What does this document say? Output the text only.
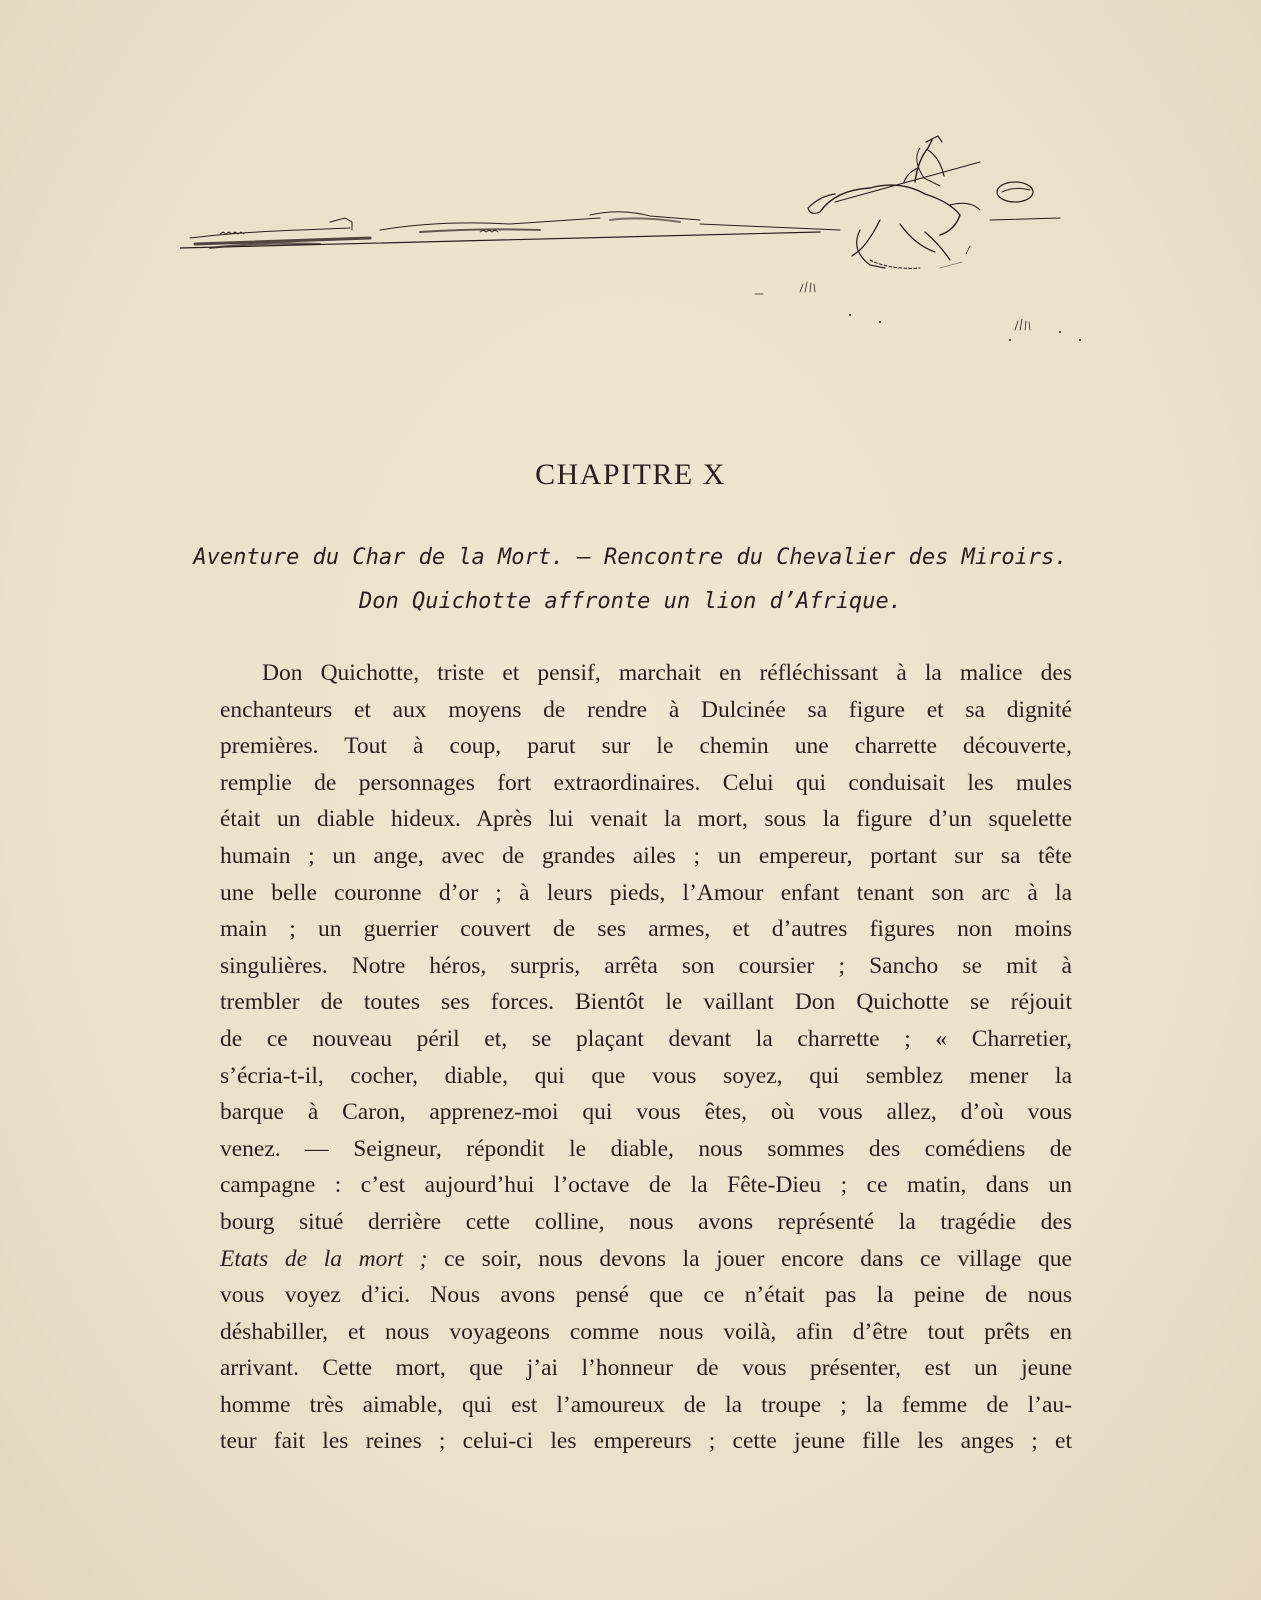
CHAPITRE X
Aventure du Char de la Mort. — Rencontre du Chevalier des Miroirs.
Don Quichotte affronte un lion d’Afrique.
Don Quichotte, triste et pensif, marchait en réfléchissant à la malice des
enchanteurs et aux moyens de rendre à Dulcinée sa figure et sa dignité
premières. Tout à coup, parut sur le chemin une charrette découverte,
remplie de personnages fort extraordinaires. Celui qui conduisait les mules
était un diable hideux. Après lui venait la mort, sous la figure d’un squelette
humain ; un ange, avec de grandes ailes ; un empereur, portant sur sa tête
une belle couronne d’or ; à leurs pieds, l’Amour enfant tenant son arc à la
main ; un guerrier couvert de ses armes, et d’autres figures non moins
singulières. Notre héros, surpris, arrêta son coursier ; Sancho se mit à
trembler de toutes ses forces. Bientôt le vaillant Don Quichotte se réjouit
de ce nouveau péril et, se plaçant devant la charrette ; « Charretier,
s’écria-t-il, cocher, diable, qui que vous soyez, qui semblez mener la
barque à Caron, apprenez-moi qui vous êtes, où vous allez, d’où vous
venez. — Seigneur, répondit le diable, nous sommes des comédiens de
campagne : c’est aujourd’hui l’octave de la Fête-Dieu ; ce matin, dans un
bourg situé derrière cette colline, nous avons représenté la tragédie des
Etats de la mort ; ce soir, nous devons la jouer encore dans ce village que
vous voyez d’ici. Nous avons pensé que ce n’était pas la peine de nous
déshabiller, et nous voyageons comme nous voilà, afin d’être tout prêts en
arrivant. Cette mort, que j’ai l’honneur de vous présenter, est un jeune
homme très aimable, qui est l’amoureux de la troupe ; la femme de l’au-
teur fait les reines ; celui-ci les empereurs ; cette jeune fille les anges ; et
